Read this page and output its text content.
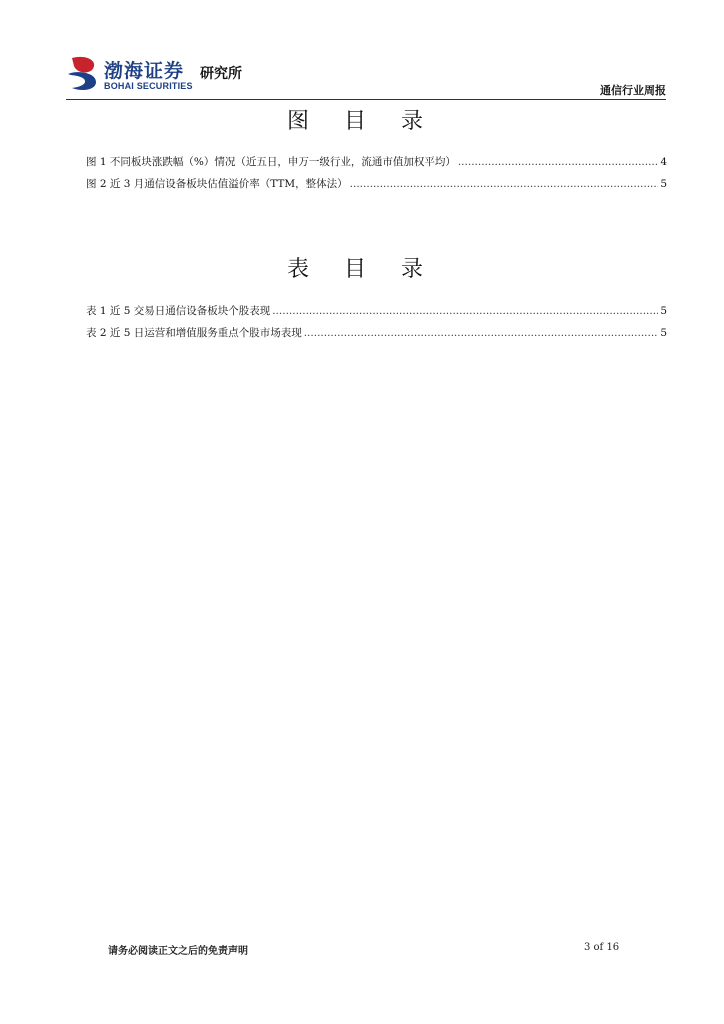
渤海证券
BOHAI SECURITIES
研究所
通信行业周报
图 目 录
图 1 不同板块涨跌幅（%）情况（近五日，申万一级行业，流通市值加权平均） .....	4
图 2 近 3 月通信设备板块估值溢价率（TTM，整体法） .....	5
表 目 录
表 1 近 5 交易日通信设备板块个股表现 .....	5
表 2 近 5 日运营和增值服务重点个股市场表现 .....	5
请务必阅读正文之后的免责声明	3 of 16
